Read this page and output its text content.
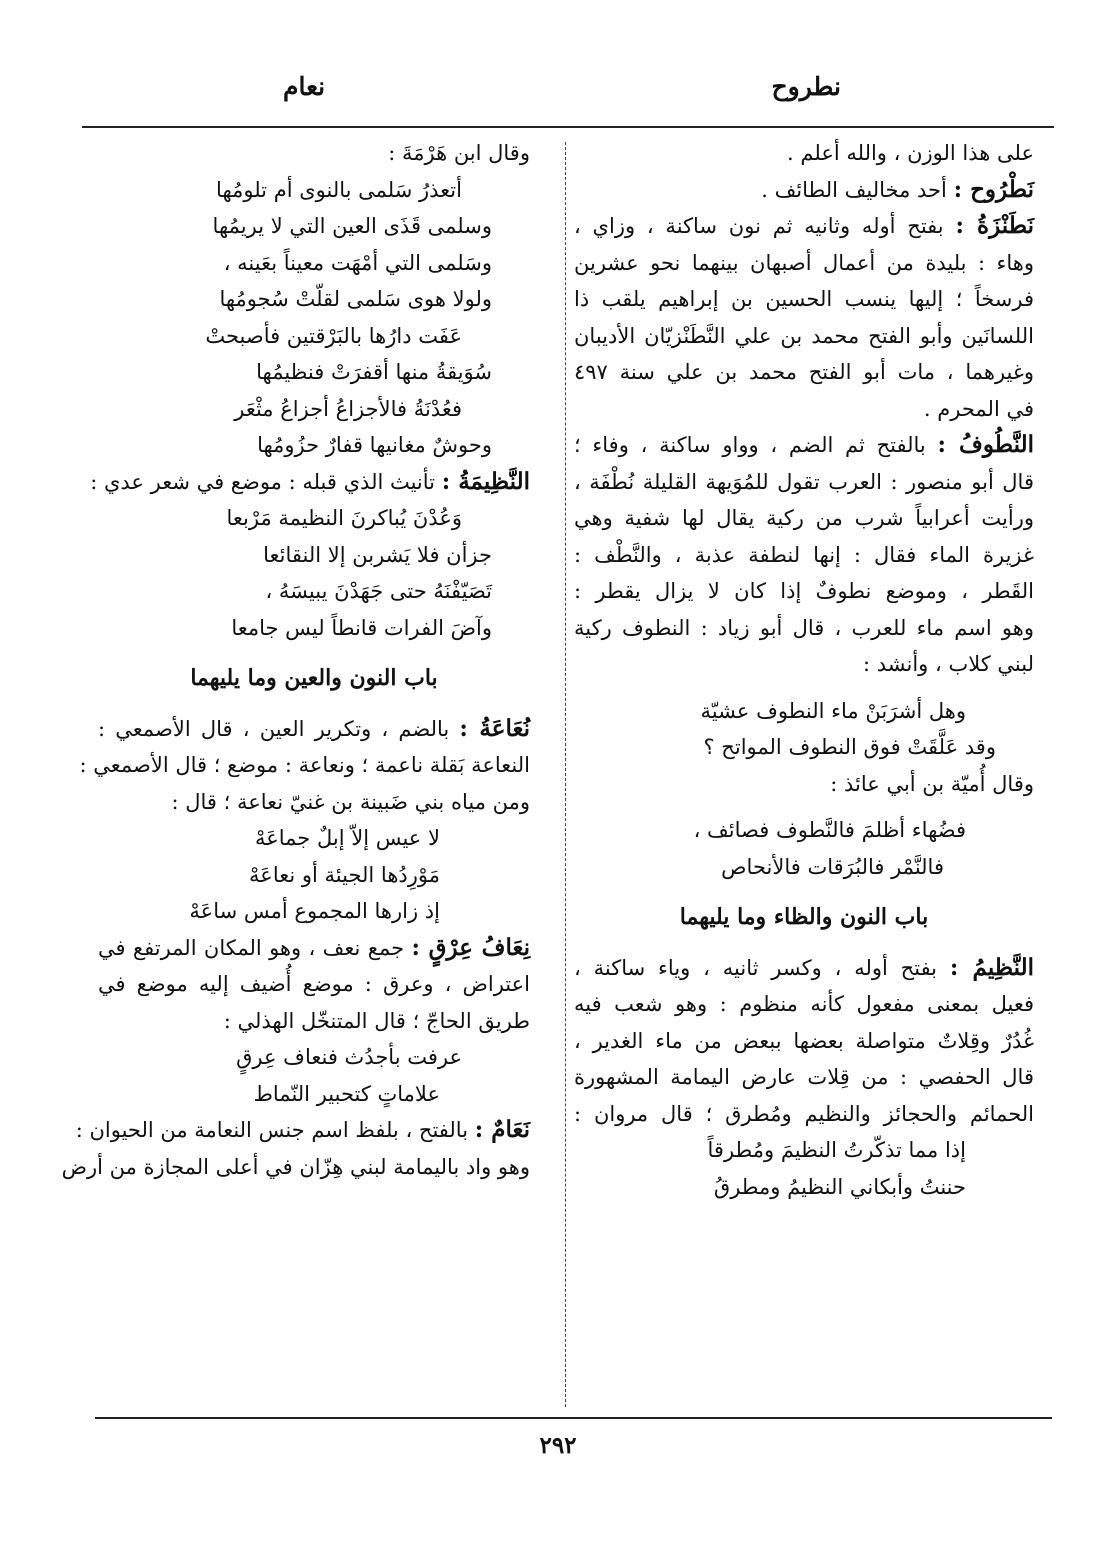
نطروح
نعام
على هذا الوزن ، والله أعلم .
نَطْرُوح : أحد مخاليف الطائف .
نَطَنْزَةُ : بفتح أوله وثانيه ثم نون ساكنة ، وزاي ،
وهاء : بليدة من أعمال أصبهان بينهما نحو عشرين
فرسخاً ؛ إليها ينسب الحسين بن إبراهيم يلقب ذا
اللسانَين وأبو الفتح محمد بن علي النَّطَنْزيّان الأديبان
وغيرهما ، مات أبو الفتح محمد بن علي سنة ٤٩٧
في المحرم .
النَّطُوفُ : بالفتح ثم الضم ، وواو ساكنة ، وفاء ؛
قال أبو منصور : العرب تقول للمُوَيهة القليلة نُطْفَة ،
ورأيت أعرابياً شرب من ركية يقال لها شفية وهي
غزيرة الماء فقال : إنها لنطفة عذبة ، والنَّطْف :
القَطر ، وموضع نطوفٌ إذا كان لا يزال يقطر :
وهو اسم ماء للعرب ، قال أبو زياد : النطوف ركية
لبني كلاب ، وأنشد :
وهل أشرَبَنْ ماء النطوف عشيّة
وقد عَلَّقَتْ فوق النطوف المواتح ؟
وقال أُميّة بن أبي عائذ :
فضُهاء أظلمَ فالنَّطوف فصائف ،
فالنَّمْر فالبُرَقات فالأنحاص
باب النون والظاء وما يليهما
النَّظِيمُ : بفتح أوله ، وكسر ثانيه ، وياء ساكنة ،
فعيل بمعنى مفعول كأنه منظوم : وهو شعب فيه
غُدُرٌ وقِلاتٌ متواصلة بعضها ببعض من ماء الغدير ،
قال الحفصي : من قِلات عارض اليمامة المشهورة
الحمائم والحجائز والنظيم ومُطرق ؛ قال مروان :
إذا مما تذكّرتُ النظيمَ ومُطرقاً
حننتُ وأبكاني النظيمُ ومطرقُ
وقال ابن هَرْمَةَ :
أتعذرُ سَلمى بالنوى أم تلومُها
وسلمى قَذَى العين التي لا يريمُها
وسَلمى التي أمْهَت معيناً بعَينه ،
ولولا هوى سَلمى لقلّتْ سُجومُها
عَفَت دارُها بالبَرْقتين فأصبحتْ
سُوَيقةُ منها أقفرَتْ فنظيمُها
فعُدْنَةُ فالأجزاعُ أجزاعُ مثْعَر
وحوشٌ مغانيها قفارٌ حزُومُها
النَّظِيمَةُ : تأنيث الذي قبله : موضع في شعر عدي :
وَعُدْنَ يُباكرنَ النظيمة مَرْبعا
جزأن فلا يَشربن إلا النقائعا
تَصَيّفْنَهُ حتى جَهَدْنَ يبيسَهُ ،
وآضَ الفرات قانطاً ليس جامعا
باب النون والعين وما يليهما
نُعَاعَةُ : بالضم ، وتكرير العين ، قال الأصمعي :
النعاعة بَقلة ناعمة ؛ ونعاعة : موضع ؛ قال الأصمعي :
ومن مياه بني ضَبينة بن غنيّ نعاعة ؛ قال :
لا عيس إلاّ إبلٌ جماعَهْ
مَوْرِدُها الجيئة أو نعاعَهْ
إذ زارها المجموع أمس ساعَهْ
نِعَافُ عِرْقٍ : جمع نعف ، وهو المكان المرتفع في
اعتراض ، وعرق : موضع أُضيف إليه موضع في
طريق الحاجّ ؛ قال المتنخّل الهذلي :
عرفت بأجدُث فنعاف عِرقٍ
علاماتٍ كتحبير النّماط
نَعَامٌ : بالفتح ، بلفظ اسم جنس النعامة من الحيوان :
وهو واد باليمامة لبني هِزّان في أعلى المجازة من أرض
٢٩٢
